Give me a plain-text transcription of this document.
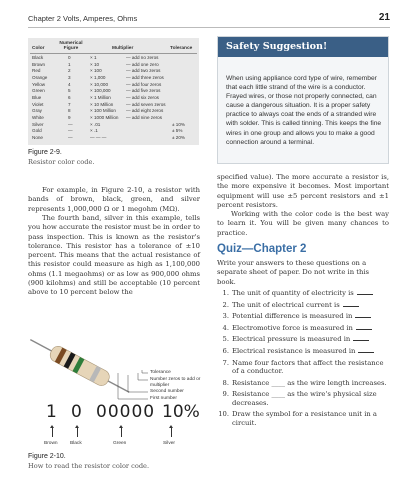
Chapter 2 Volts, Amperes, Ohms	21
Color
Numerical Figure	Multiplier	Tolerance
Black	0	× 1	— add no zeros
Brown	1	× 10	— add one zero
Red	2	× 100	— add two zeros
Orange	3	× 1,000	— add three zeros
Yellow	4	× 10,000	— add four zeros
Green	5	× 100,000	— add five zeros
Blue	6	× 1 Million	— add six zeros
Violet	7	× 10 Million	— add seven zeros
Gray	8	× 100 Million — add eight zeros
White	9	× 1000 Million — add nine zeros
Silver	—	× .01	± 10%
Gold	—	× .1	± 5%
None	—	— — —	± 20%
Figure 2-9.
Resistor color code.
Safety Suggestion!
When using appliance cord type of wire, remember that each little strand of the wire is a conductor. Frayed wires, or those not properly connected, can cause a dangerous situation. It is a proper safety practice to always coat the ends of a stranded wire with solder. This is called tinning. This keeps the fine wires in one group and allows you to make a good connection around a terminal.
For example, in Figure 2-10, a resistor with bands of brown, black, green, and silver represents 1,000,000 Ω or 1 megohm (MΩ).
The fourth band, silver in this example, tells you how accurate the resistor must be in order to pass inspection. This is known as the resistor's tolerance. This resistor has a tolerance of ±10 percent. This means that the actual resistance of this resistor could measure as high as 1,100,000 ohms (1.1 megaohms) or as low as 900,000 ohms (900 kilohms) and still be acceptable (10 percent above to 10 percent below the
specified value). The more accurate a resistor is, the more expensive it becomes. Most important equipment will use ±5 percent resistors and ±1 percent resistors.
Working with the color code is the best way to learn it. You will be given many chances to practice.
Quiz—Chapter 2
Write your answers to these questions on a separate sheet of paper. Do not write in this book.
1. The unit of quantity of electricity is
2. The unit of electrical current is
3. Potential difference is measured in
4. Electromotive force is measured in
5. Electrical pressure is measured in
6. Electrical resistance is measured in
7. Name four factors that affect the resistance of a conductor.
8. Resistance ____ as the wire length increases.
9. Resistance ____ as the wire's physical size decreases.
10. Draw the symbol for a resistance unit in a circuit.
Tolerance
Number zeros to add or multiplier
Second number
First number
1 0 00000 10%
Brown	Black	Green	Silver
Figure 2-10.
How to read the resistor color code.
